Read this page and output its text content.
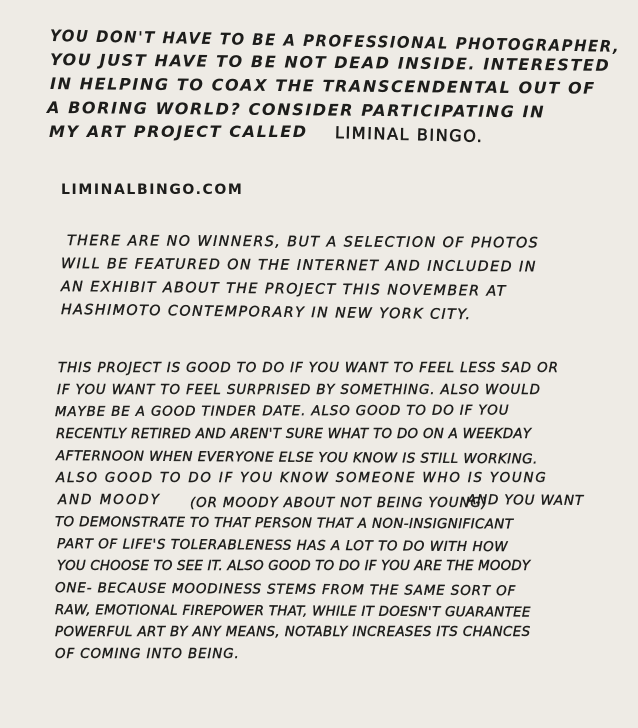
YOU DON'T HAVE TO BE A PROFESSIONAL PHOTOGRAPHER,
YOU JUST HAVE TO BE NOT DEAD INSIDE. INTERESTED
IN HELPING TO COAX THE TRANSCENDENTAL OUT OF
A BORING WORLD? CONSIDER PARTICIPATING IN
MY ART PROJECT CALLED LIMINAL BINGO.
LIMINALBINGO.COM
THERE ARE NO WINNERS, BUT A SELECTION OF PHOTOS
WILL BE FEATURED ON THE INTERNET AND INCLUDED IN
AN EXHIBIT ABOUT THE PROJECT THIS NOVEMBER AT
HASHIMOTO CONTEMPORARY IN NEW YORK CITY.
THIS PROJECT IS GOOD TO DO IF YOU WANT TO FEEL LESS SAD OR
IF YOU WANT TO FEEL SURPRISED BY SOMETHING. ALSO WOULD
MAYBE BE A GOOD TINDER DATE. ALSO GOOD TO DO IF YOU
RECENTLY RETIRED AND AREN'T SURE WHAT TO DO ON A WEEKDAY
AFTERNOON WHEN EVERYONE ELSE YOU KNOW IS STILL WORKING.
ALSO GOOD TO DO IF YOU KNOW SOMEONE WHO IS YOUNG
AND MOODY (OR MOODY ABOUT NOT BEING YOUNG)
AND YOU WANT
TO DEMONSTRATE TO THAT PERSON THAT A NON-INSIGNIFICANT
PART OF LIFE'S TOLERABLENESS HAS A LOT TO DO WITH HOW
YOU CHOOSE TO SEE IT. ALSO GOOD TO DO IF YOU ARE THE MOODY
ONE- BECAUSE MOODINESS STEMS FROM THE SAME SORT OF
RAW, EMOTIONAL FIREPOWER THAT, WHILE IT DOESN'T GUARANTEE
POWERFUL ART BY ANY MEANS, NOTABLY INCREASES ITS CHANCES
OF COMING INTO BEING.
